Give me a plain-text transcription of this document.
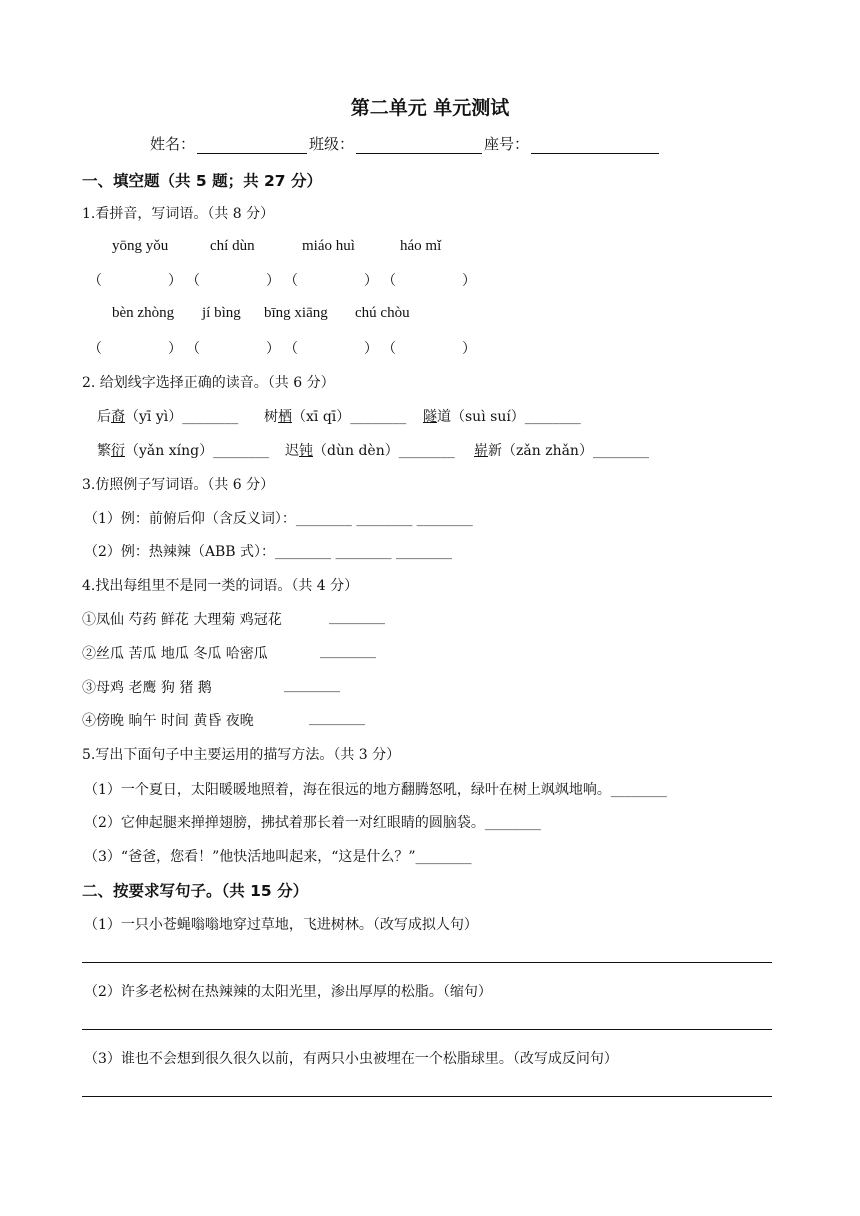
第二单元 单元测试
姓名：	班级：	座号：
一、填空题（共 5 题；共 27 分）
1.看拼音，写词语。（共 8 分）
yōng yǒu	chí dùn	miáo huì	háo mǐ
（	） （	） （	） （	）
bèn zhòng jí bìng bīng xiāng chú chòu
（	） （	） （	） （	）
2. 给划线字选择正确的读音。（共 6 分）
后裔（yī yì）________ 树栖（xī qī）________ 隧道（suì suí）________
繁衍（yǎn xíng）________ 迟钝（dùn dèn）________ 崭新（zǎn zhǎn）________
3.仿照例子写词语。（共 6 分）
（1）例：前俯后仰（含反义词）：________ ________ ________
（2）例：热辣辣（ABB 式）：________ ________ ________
4.找出每组里不是同一类的词语。（共 4 分）
①凤仙 芍药 鲜花 大理菊 鸡冠花	________
②丝瓜 苦瓜 地瓜 冬瓜 哈密瓜	________
③母鸡 老鹰 狗 猪 鹅	________
④傍晚 晌午 时间 黄昏 夜晚	________
5.写出下面句子中主要运用的描写方法。（共 3 分）
（1）一个夏日，太阳暖暖地照着，海在很远的地方翻腾怒吼，绿叶在树上飒飒地响。________
（2）它伸起腿来掸掸翅膀，拂拭着那长着一对红眼睛的圆脑袋。________
（3）“爸爸，您看！”他快活地叫起来，“这是什么？”________
二、按要求写句子。（共 15 分）
（1）一只小苍蝇嗡嗡地穿过草地，飞进树林。（改写成拟人句）
（2）许多老松树在热辣辣的太阳光里，渗出厚厚的松脂。（缩句）
（3）谁也不会想到很久很久以前，有两只小虫被埋在一个松脂球里。（改写成反问句）
